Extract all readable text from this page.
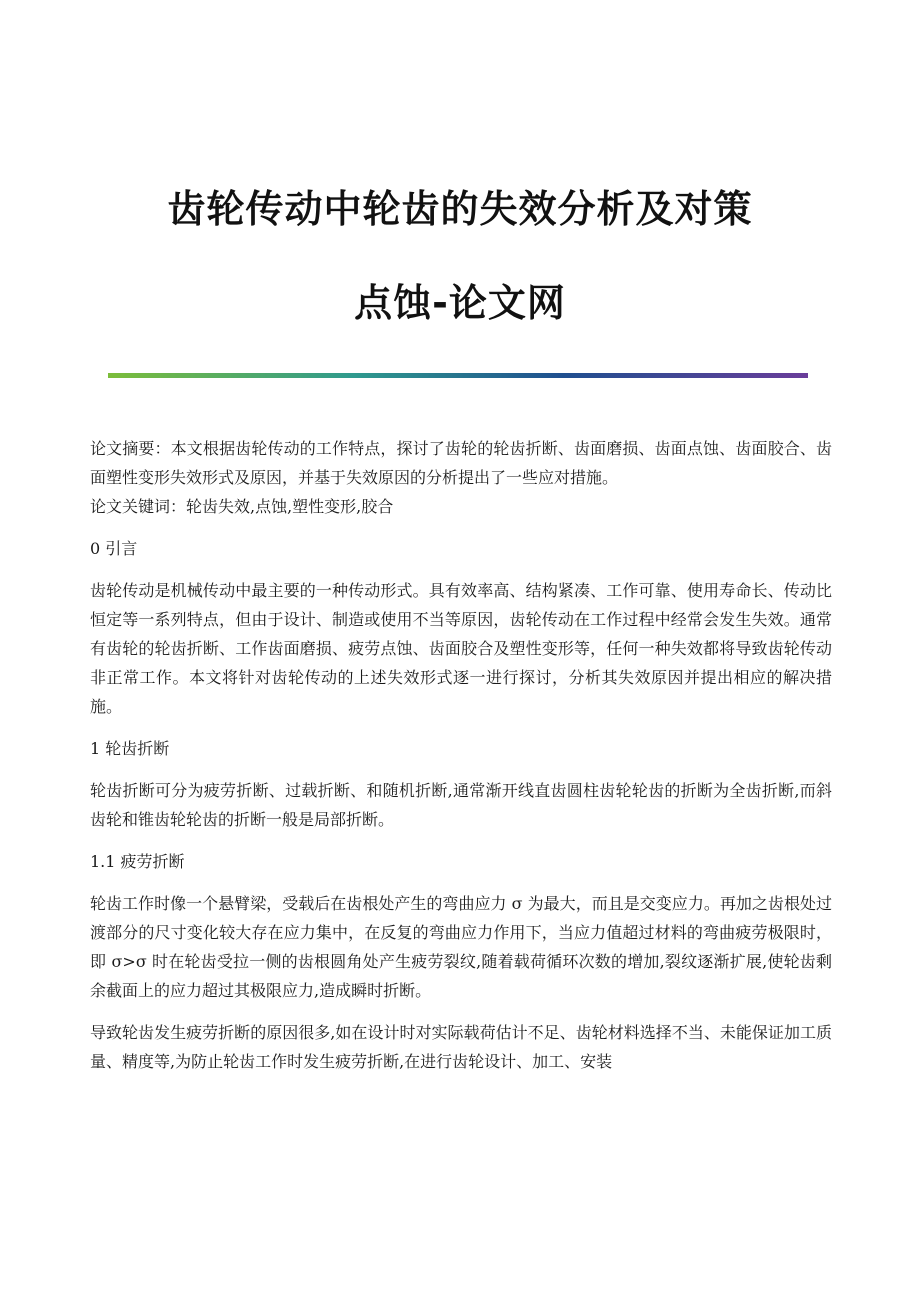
齿轮传动中轮齿的失效分析及对策
点蚀-论文网

论文摘要：本文根据齿轮传动的工作特点，探讨了齿轮的轮齿折断、齿面磨损、齿面点蚀、齿面胶合、齿面塑性变形失效形式及原因，并基于失效原因的分析提出了一些应对措施。

论文关键词：轮齿失效,点蚀,塑性变形,胶合

0 引言

齿轮传动是机械传动中最主要的一种传动形式。具有效率高、结构紧凑、工作可靠、使用寿命长、传动比恒定等一系列特点，但由于设计、制造或使用不当等原因，齿轮传动在工作过程中经常会发生失效。通常有齿轮的轮齿折断、工作齿面磨损、疲劳点蚀、齿面胶合及塑性变形等，任何一种失效都将导致齿轮传动非正常工作。本文将针对齿轮传动的上述失效形式逐一进行探讨，分析其失效原因并提出相应的解决措施。

1 轮齿折断

轮齿折断可分为疲劳折断、过载折断、和随机折断,通常渐开线直齿圆柱齿轮轮齿的折断为全齿折断,而斜齿轮和锥齿轮轮齿的折断一般是局部折断。

1.1 疲劳折断

轮齿工作时像一个悬臂梁，受载后在齿根处产生的弯曲应力 σ 为最大，而且是交变应力。再加之齿根处过渡部分的尺寸变化较大存在应力集中，在反复的弯曲应力作用下，当应力值超过材料的弯曲疲劳极限时，即 σ>σ 时在轮齿受拉一侧的齿根圆角处产生疲劳裂纹,随着载荷循环次数的增加,裂纹逐渐扩展,使轮齿剩余截面上的应力超过其极限应力,造成瞬时折断。

导致轮齿发生疲劳折断的原因很多,如在设计时对实际载荷估计不足、齿轮材料选择不当、未能保证加工质量、精度等,为防止轮齿工作时发生疲劳折断,在进行齿轮设计、加工、安装
